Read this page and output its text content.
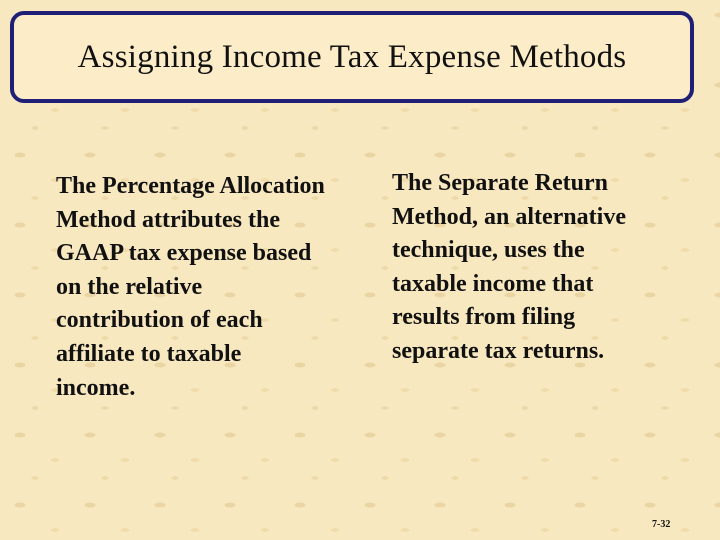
Assigning Income Tax Expense Methods
The Percentage Allocation Method attributes the GAAP tax expense based on the relative contribution of each affiliate to taxable income.
The Separate Return Method, an alternative technique, uses the taxable income that results from filing separate tax returns.
7-32
